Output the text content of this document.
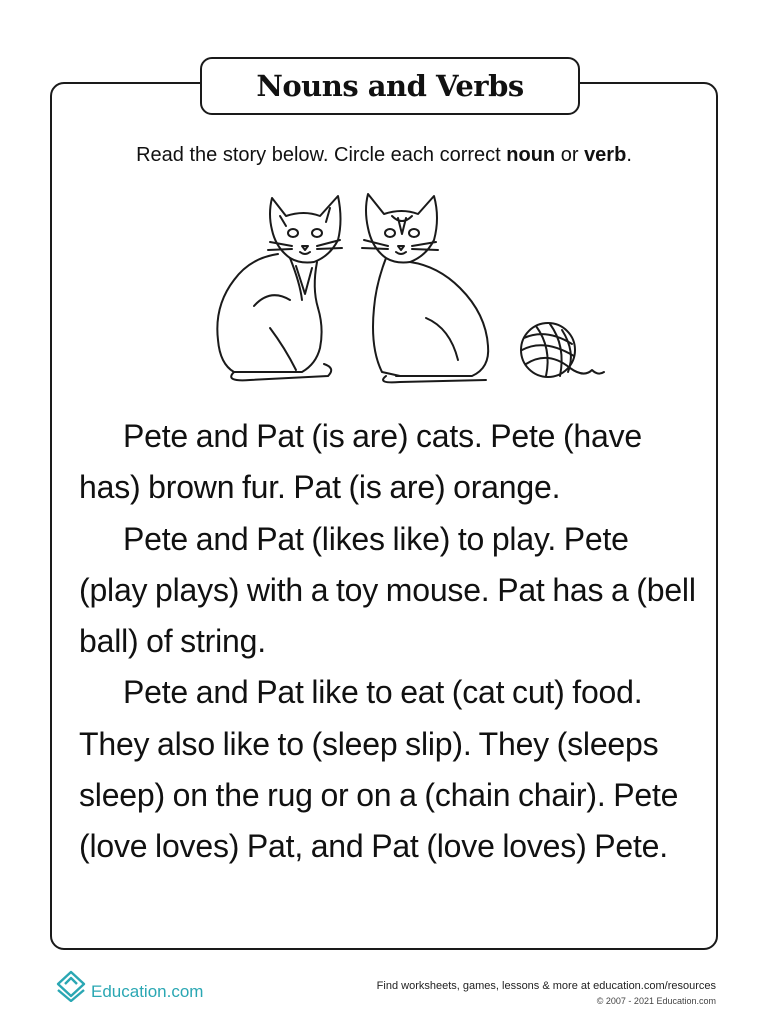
Nouns and Verbs
Read the story below. Circle each correct noun or verb.

Pete and Pat (is are) cats. Pete (have has) brown fur. Pat (is are) orange.

Pete and Pat (likes like) to play. Pete (play plays) with a toy mouse. Pat has a (bell ball) of string.

Pete and Pat like to eat (cat cut) food. They also like to (sleep slip). They (sleeps sleep) on the rug or on a (chain chair). Pete (love loves) Pat, and Pat (love loves) Pete.

Education.com	Find worksheets, games, lessons & more at education.com/resources
© 2007 - 2021 Education.com
